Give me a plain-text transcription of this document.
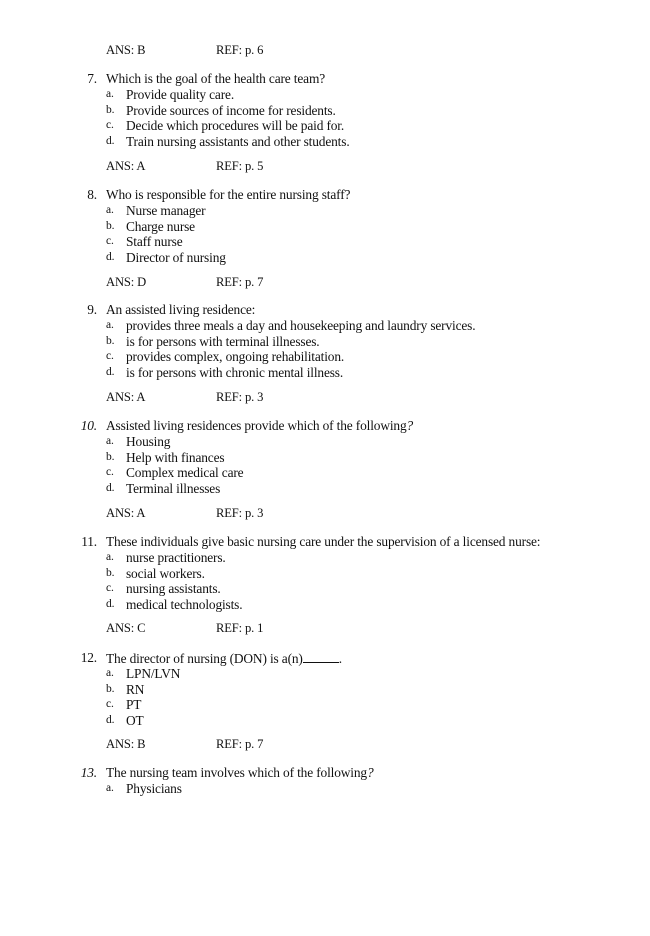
ANS: B	REF: p. 6
7. Which is the goal of the health care team?
a. Provide quality care.
b. Provide sources of income for residents.
c. Decide which procedures will be paid for.
d. Train nursing assistants and other students.
ANS: A	REF: p. 5
8. Who is responsible for the entire nursing staff?
a. Nurse manager
b. Charge nurse
c. Staff nurse
d. Director of nursing
ANS: D	REF: p. 7
9. An assisted living residence:
a. provides three meals a day and housekeeping and laundry services.
b. is for persons with terminal illnesses.
c. provides complex, ongoing rehabilitation.
d. is for persons with chronic mental illness.
ANS: A	REF: p. 3
10. Assisted living residences provide which of the following?
a. Housing
b. Help with finances
c. Complex medical care
d. Terminal illnesses
ANS: A	REF: p. 3
11. These individuals give basic nursing care under the supervision of a licensed nurse:
a. nurse practitioners.
b. social workers.
c. nursing assistants.
d. medical technologists.
ANS: C	REF: p. 1
12. The director of nursing (DON) is a(n)	.
a. LPN/LVN
b. RN
c. PT
d. OT
ANS: B	REF: p. 7
13. The nursing team involves which of the following?
a. Physicians
